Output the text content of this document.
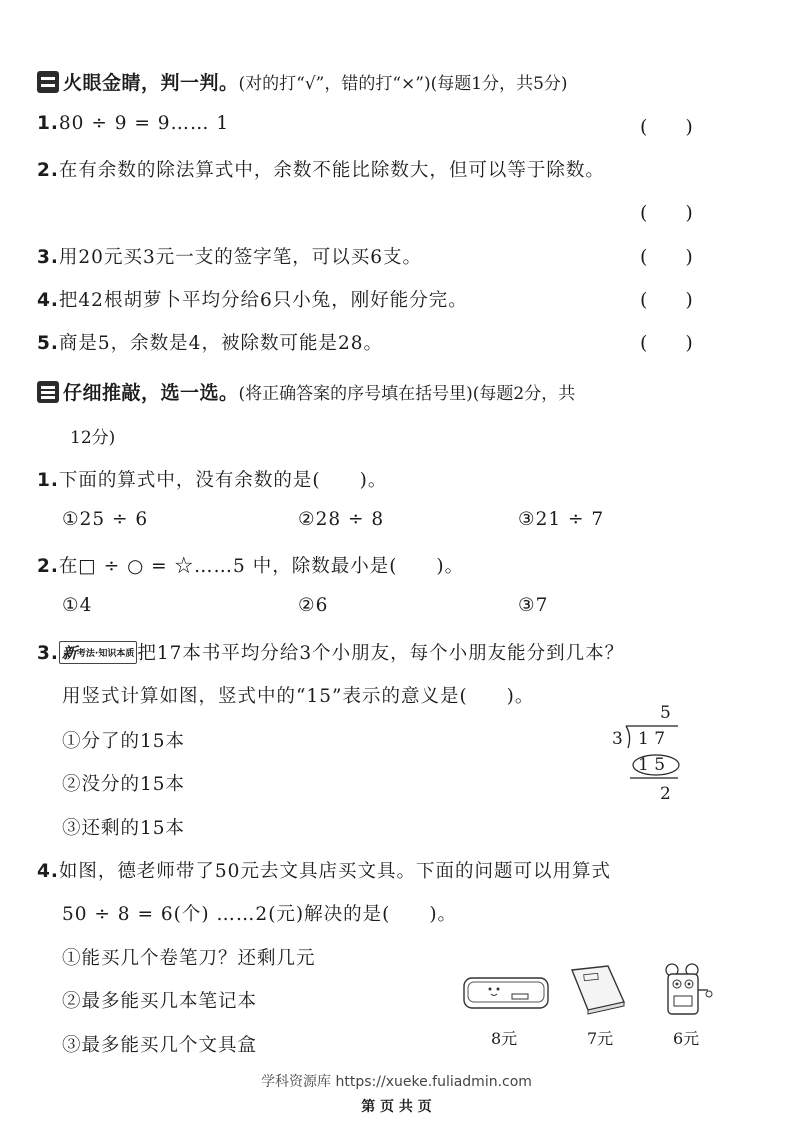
火眼金睛，判一判。(对的打“√”，错的打“×”)(每题1分，共5分)
1.80 ÷ 9 = 9…… 1	(　　)
2.在有余数的除法算式中，余数不能比除数大，但可以等于除数。
(　　)
3.用20元买3元一支的签字笔，可以买6支。	(　　)
4.把42根胡萝卜平均分给6只小兔，刚好能分完。	(　　)
5.商是5，余数是4，被除数可能是28。	(　　)
仔细推敲，选一选。(将正确答案的序号填在括号里)(每题2分，共
12分)
1.下面的算式中，没有余数的是(　　)。
①25 ÷ 6	②28 ÷ 8	③21 ÷ 7
2.在□ ÷ ○ = ☆……5 中，除数最小是(　　)。
①4	②6	③7
3. 新考法·知识本质 把17本书平均分给3个小朋友，每个小朋友能分到几本？
用竖式计算如图，竖式中的“15”表示的意义是(　　)。
①分了的15本
②没分的15本
③还剩的15本
5
3 1 7
1 5
2
4.如图，德老师带了50元去文具店买文具。下面的问题可以用算式
50 ÷ 8 = 6(个) ……2(元)解决的是(　　)。
①能买几个卷笔刀？还剩几元
②最多能买几本笔记本
③最多能买几个文具盒	8元	7元	6元
学科资源库 https://xueke.fuliadmin.com
第 页 共 页
